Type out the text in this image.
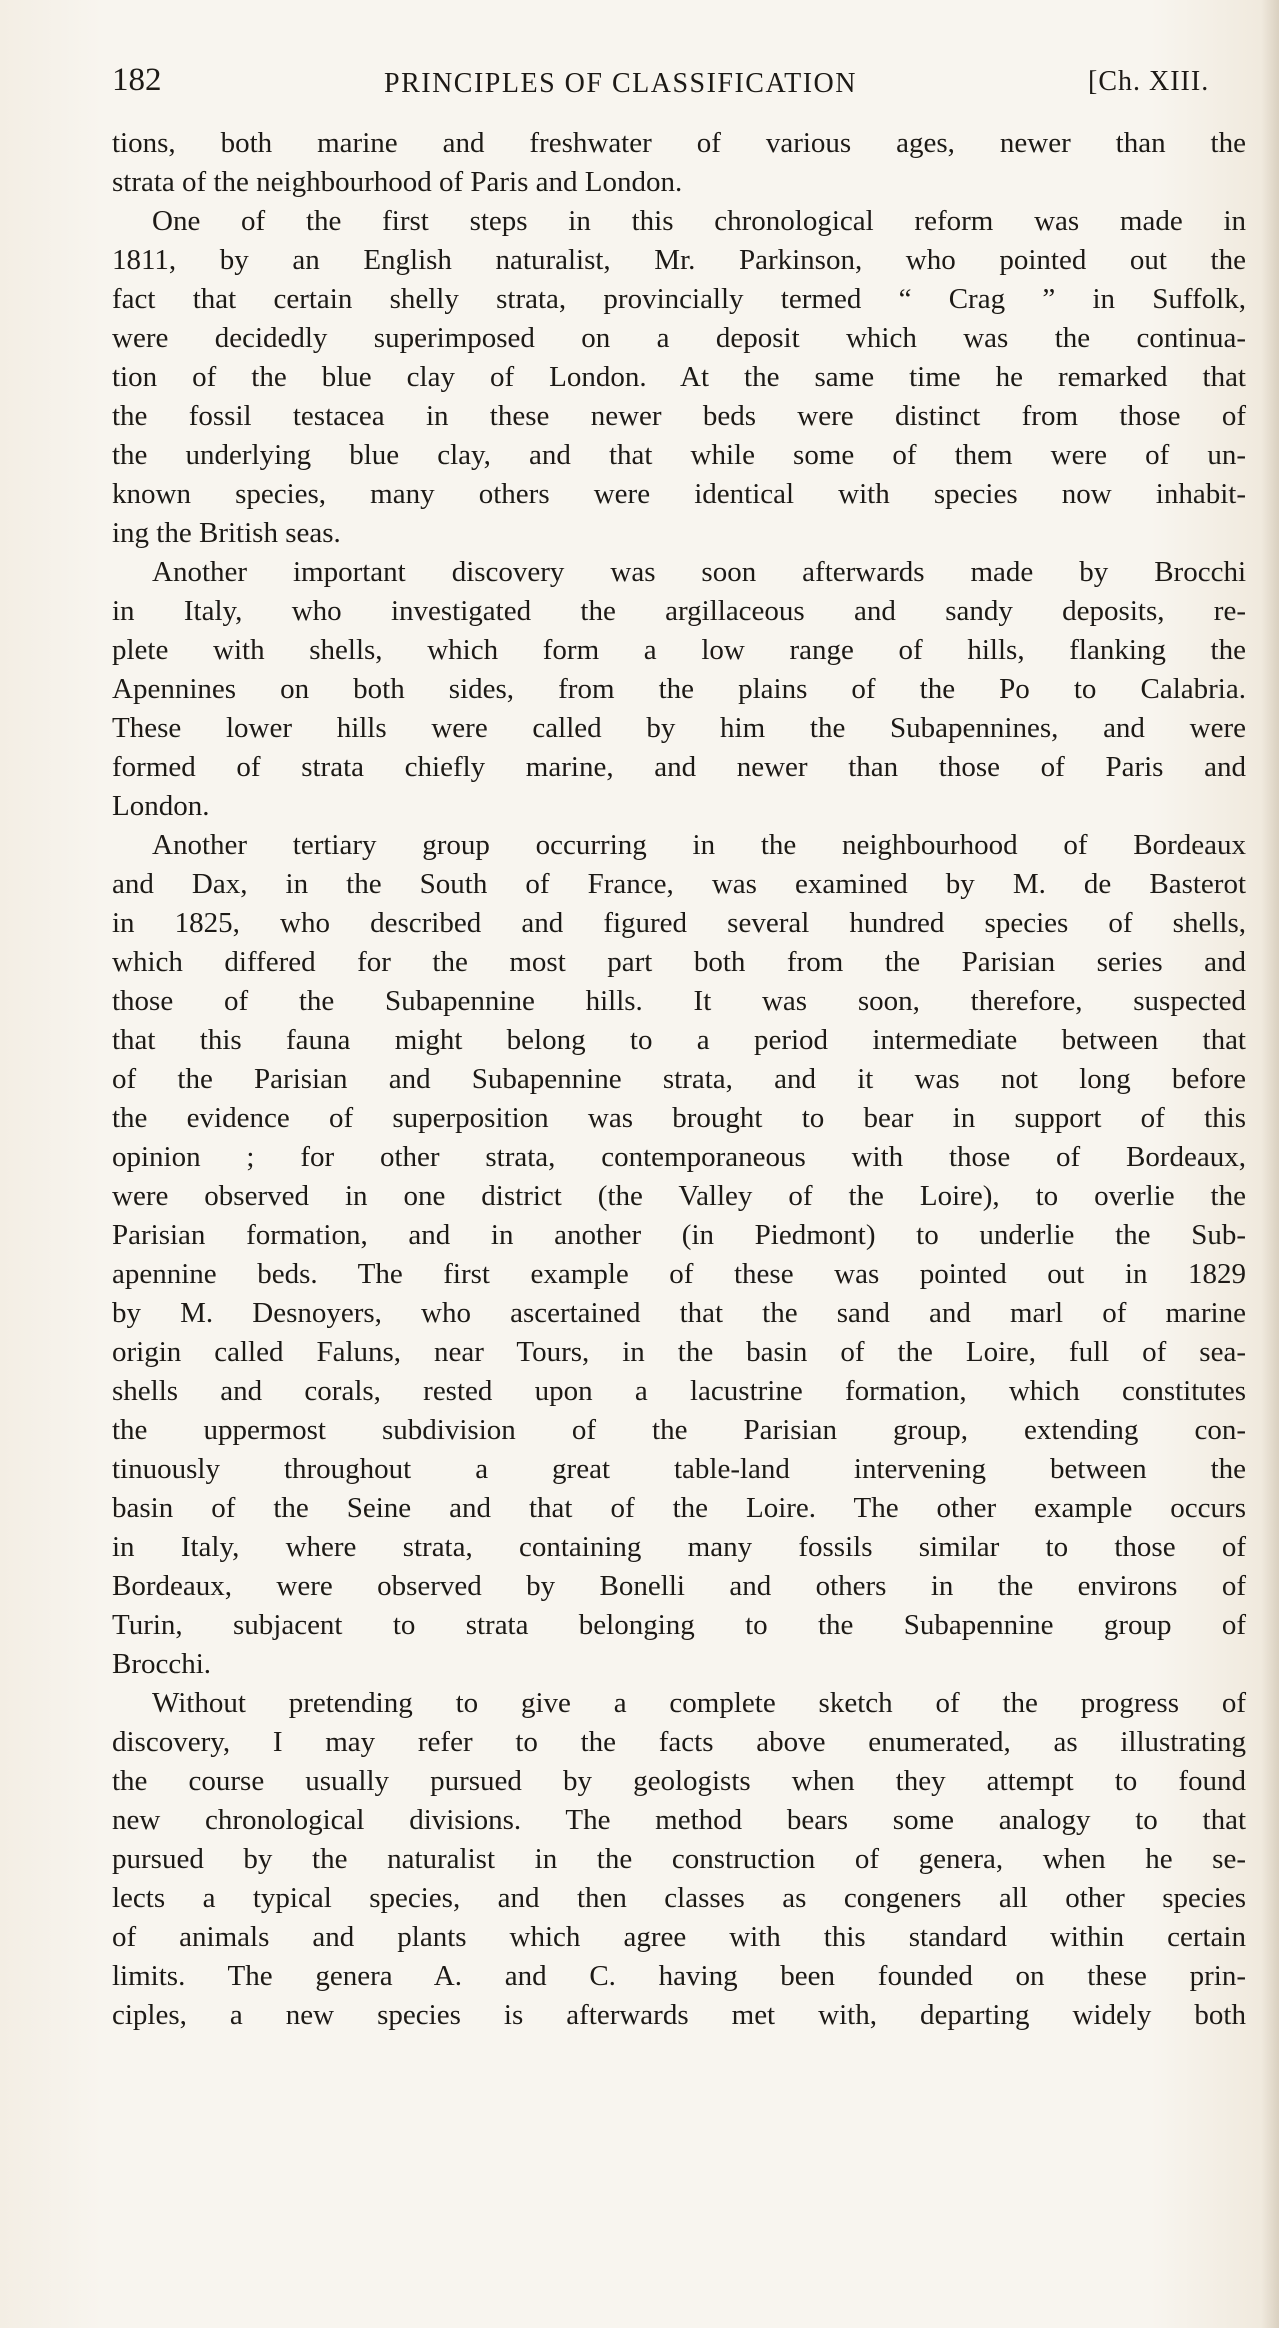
182	PRINCIPLES OF CLASSIFICATION	[Ch. XIII.
tions, both marine and freshwater of various ages, newer than the
strata of the neighbourhood of Paris and London.
One of the first steps in this chronological reform was made in
1811, by an English naturalist, Mr. Parkinson, who pointed out the
fact that certain shelly strata, provincially termed “ Crag ” in Suffolk,
were decidedly superimposed on a deposit which was the continua-
tion of the blue clay of London. At the same time he remarked that
the fossil testacea in these newer beds were distinct from those of
the underlying blue clay, and that while some of them were of un-
known species, many others were identical with species now inhabit-
ing the British seas.
Another important discovery was soon afterwards made by Brocchi
in Italy, who investigated the argillaceous and sandy deposits, re-
plete with shells, which form a low range of hills, flanking the
Apennines on both sides, from the plains of the Po to Calabria.
These lower hills were called by him the Subapennines, and were
formed of strata chiefly marine, and newer than those of Paris and
London.
Another tertiary group occurring in the neighbourhood of Bordeaux
and Dax, in the South of France, was examined by M. de Basterot
in 1825, who described and figured several hundred species of shells,
which differed for the most part both from the Parisian series and
those of the Subapennine hills. It was soon, therefore, suspected
that this fauna might belong to a period intermediate between that
of the Parisian and Subapennine strata, and it was not long before
the evidence of superposition was brought to bear in support of this
opinion ; for other strata, contemporaneous with those of Bordeaux,
were observed in one district (the Valley of the Loire), to overlie the
Parisian formation, and in another (in Piedmont) to underlie the Sub-
apennine beds. The first example of these was pointed out in 1829
by M. Desnoyers, who ascertained that the sand and marl of marine
origin called Faluns, near Tours, in the basin of the Loire, full of sea-
shells and corals, rested upon a lacustrine formation, which constitutes
the uppermost subdivision of the Parisian group, extending con-
tinuously throughout a great table-land intervening between the
basin of the Seine and that of the Loire. The other example occurs
in Italy, where strata, containing many fossils similar to those of
Bordeaux, were observed by Bonelli and others in the environs of
Turin, subjacent to strata belonging to the Subapennine group of
Brocchi.
Without pretending to give a complete sketch of the progress of
discovery, I may refer to the facts above enumerated, as illustrating
the course usually pursued by geologists when they attempt to found
new chronological divisions. The method bears some analogy to that
pursued by the naturalist in the construction of genera, when he se-
lects a typical species, and then classes as congeners all other species
of animals and plants which agree with this standard within certain
limits. The genera A. and C. having been founded on these prin-
ciples, a new species is afterwards met with, departing widely both
